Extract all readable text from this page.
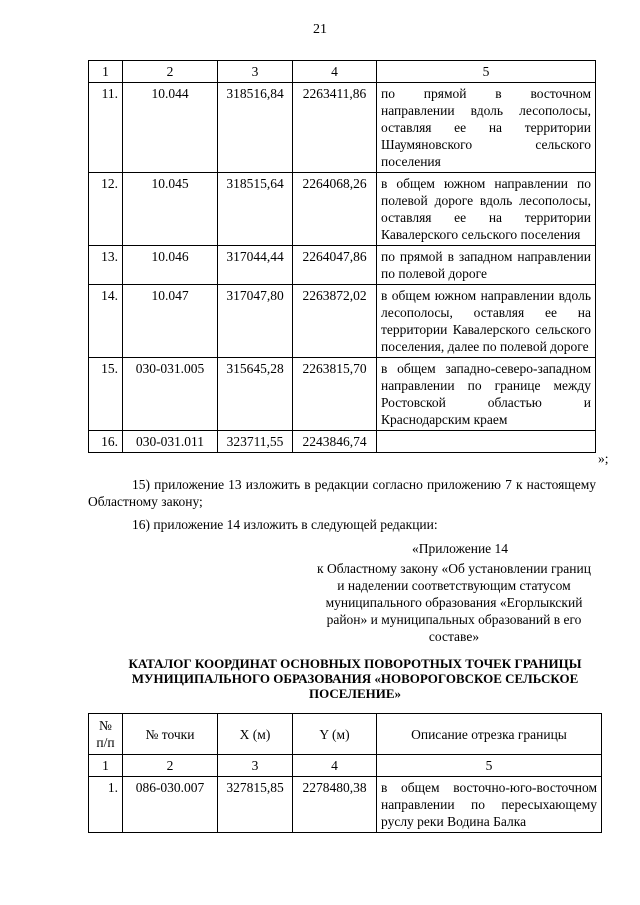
21
1	2	3	4	5
11.	10.044	318516,84	2263411,86	по прямой в восточном направлении вдоль лесополосы, оставляя ее на территории Шаумяновского сельского поселения
12.	10.045	318515,64	2264068,26	в общем южном направлении по полевой дороге вдоль лесополосы, оставляя ее на территории Кавалерского сельского поселения
13.	10.046	317044,44	2264047,86	по прямой в западном направлении по полевой дороге
14.	10.047	317047,80	2263872,02	в общем южном направлении вдоль лесополосы, оставляя ее на территории Кавалерского сельского поселения, далее по полевой дороге
15.	030-031.005	315645,28	2263815,70	в общем западно-северо-западном направлении по границе между Ростовской областью и Краснодарским краем
16.	030-031.011	323711,55	2243846,74	
»;
15) приложение 13 изложить в редакции согласно приложению 7 к настоящему Областному закону;
16) приложение 14 изложить в следующей редакции:
«Приложение 14
к Областному закону «Об установлении границ и наделении соответствующим статусом муниципального образования «Егорлыкский район» и муниципальных образований в его составе»
КАТАЛОГ КООРДИНАТ ОСНОВНЫХ ПОВОРОТНЫХ ТОЧЕК ГРАНИЦЫ МУНИЦИПАЛЬНОГО ОБРАЗОВАНИЯ «НОВОРОГОВСКОЕ СЕЛЬСКОЕ ПОСЕЛЕНИЕ»
№ п/п	№ точки	X (м)	Y (м)	Описание отрезка границы
1	2	3	4	5
1.	086-030.007	327815,85	2278480,38	в общем восточно-юго-восточном направлении по пересыхающему руслу реки Водина Балка
